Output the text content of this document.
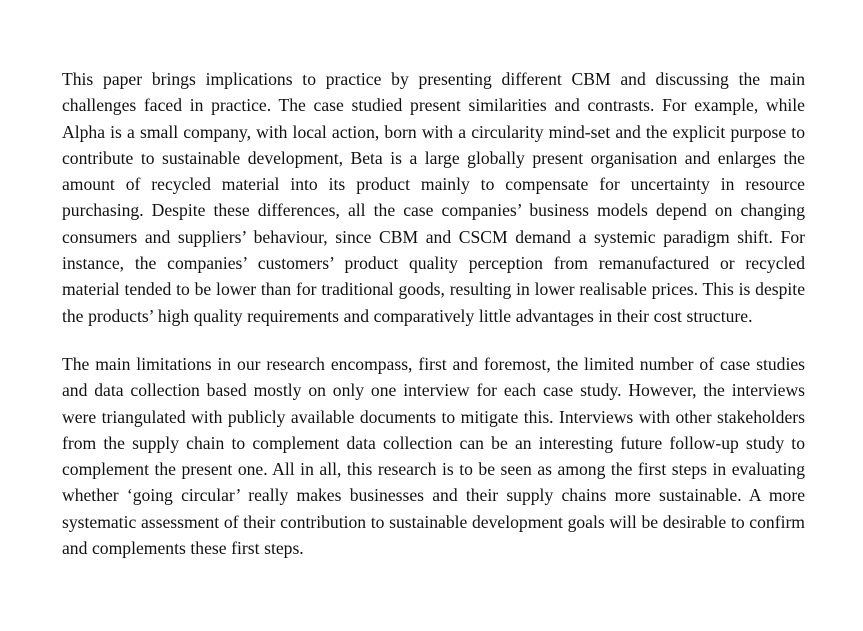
This paper brings implications to practice by presenting different CBM and discussing the main challenges faced in practice. The case studied present similarities and contrasts. For example, while Alpha is a small company, with local action, born with a circularity mind-set and the explicit purpose to contribute to sustainable development, Beta is a large globally present organisation and enlarges the amount of recycled material into its product mainly to compensate for uncertainty in resource purchasing. Despite these differences, all the case companies’ business models depend on changing consumers and suppliers’ behaviour, since CBM and CSCM demand a systemic paradigm shift. For instance, the companies’ customers’ product quality perception from remanufactured or recycled material tended to be lower than for traditional goods, resulting in lower realisable prices. This is despite the products’ high quality requirements and comparatively little advantages in their cost structure.

The main limitations in our research encompass, first and foremost, the limited number of case studies and data collection based mostly on only one interview for each case study. However, the interviews were triangulated with publicly available documents to mitigate this. Interviews with other stakeholders from the supply chain to complement data collection can be an interesting future follow-up study to complement the present one. All in all, this research is to be seen as among the first steps in evaluating whether ‘going circular’ really makes businesses and their supply chains more sustainable. A more systematic assessment of their contribution to sustainable development goals will be desirable to confirm and complements these first steps.
